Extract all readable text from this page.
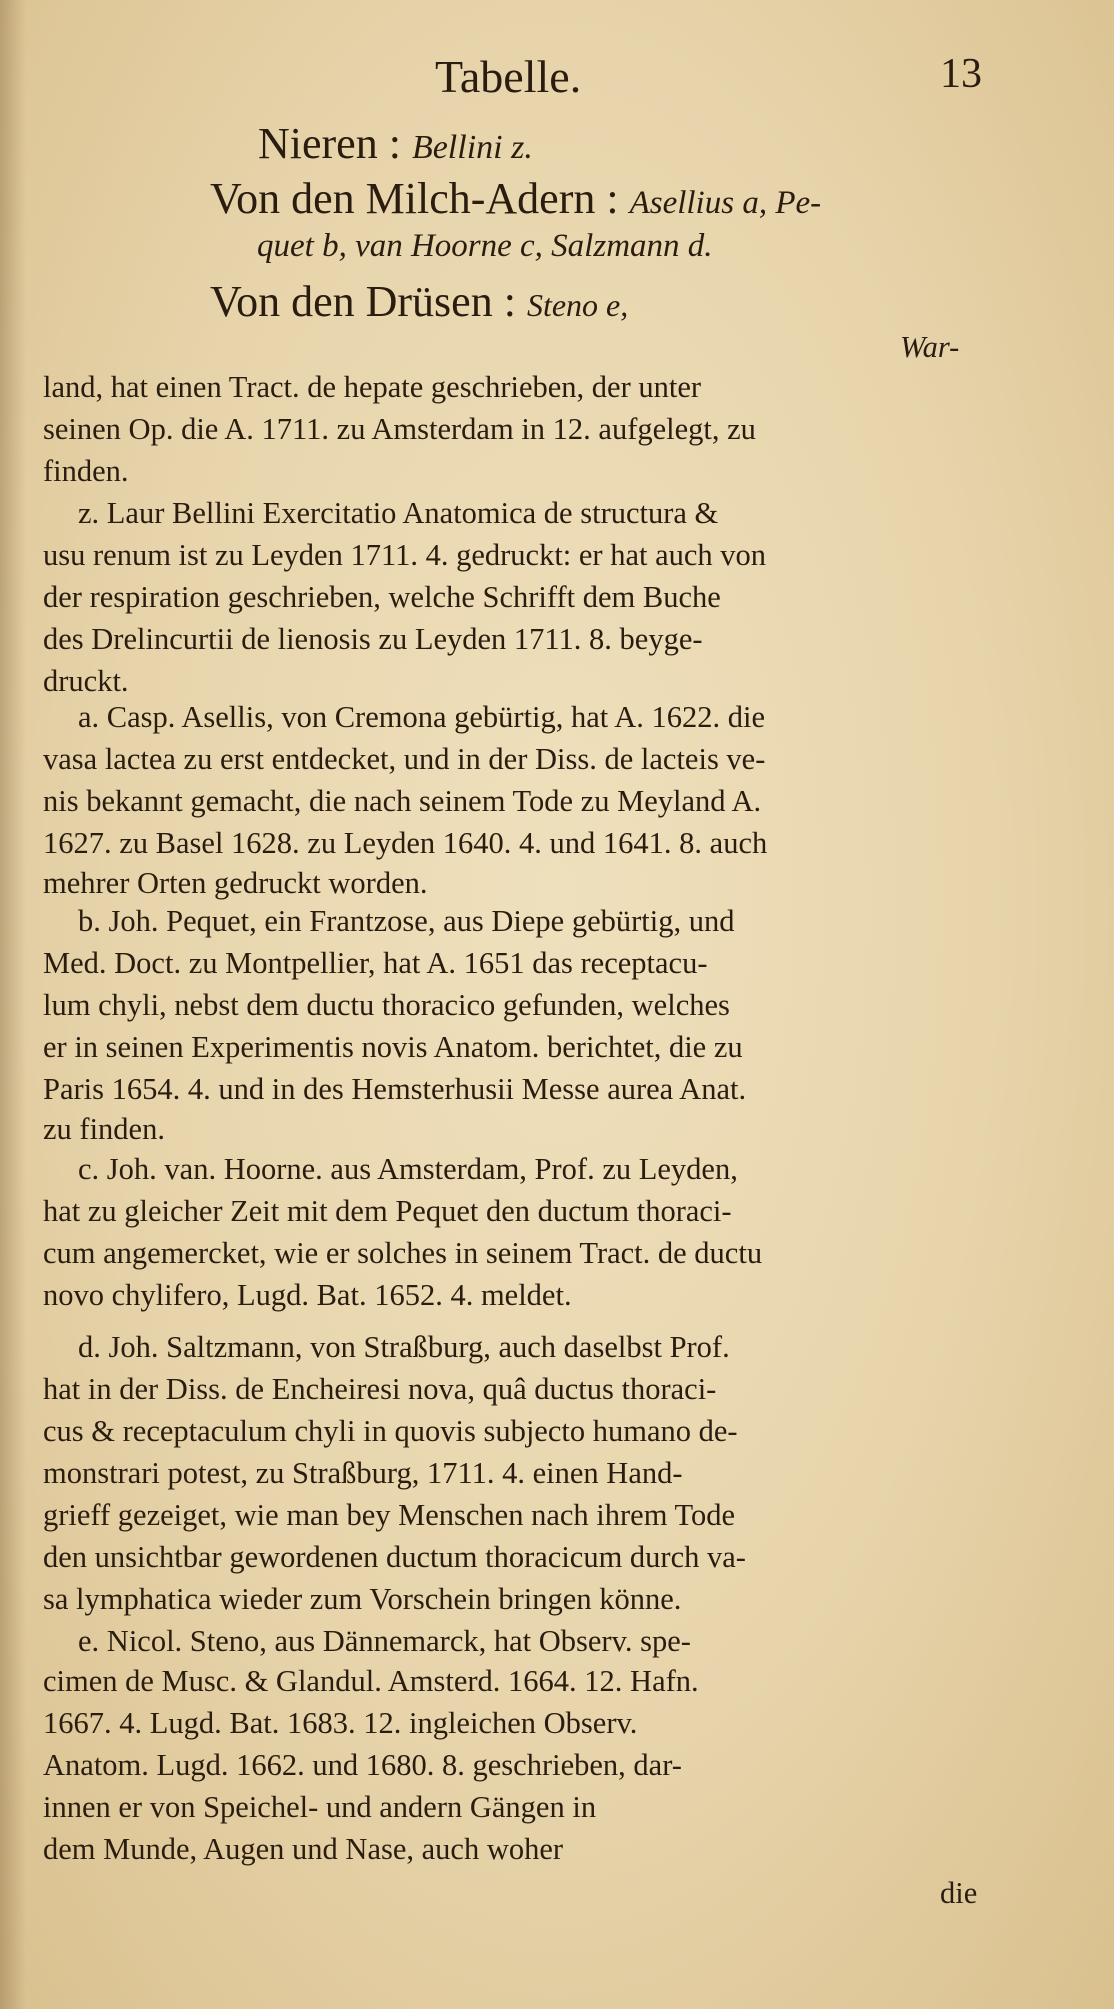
Tabelle.	13
Nieren : Bellini z.
Von den Milch-Adern : Asellius a, Pe-
quet b, van Hoorne c, Salzmann d.
Von den Drüsen : Steno e,
War-
land, hat einen Tract. de hepate geschrieben, der unter
seinen Op. die A. 1711. zu Amsterdam in 12. aufgelegt, zu
finden.
z. Laur Bellini Exercitatio Anatomica de structura &
usu renum ist zu Leyden 1711. 4. gedruckt: er hat auch von
der respiration geschrieben, welche Schrifft dem Buche
des Drelincurtii de lienosis zu Leyden 1711. 8. beyge-
druckt.
a. Casp. Asellis, von Cremona gebürtig, hat A. 1622. die
vasa lactea zu erst entdecket, und in der Diss. de lacteis ve-
nis bekannt gemacht, die nach seinem Tode zu Meyland A.
1627. zu Basel 1628. zu Leyden 1640. 4. und 1641. 8. auch
mehrer Orten gedruckt worden.
b. Joh. Pequet, ein Frantzose, aus Diepe gebürtig, und
Med. Doct. zu Montpellier, hat A. 1651 das receptacu-
lum chyli, nebst dem ductu thoracico gefunden, welches
er in seinen Experimentis novis Anatom. berichtet, die zu
Paris 1654. 4. und in des Hemsterhusii Messe aurea Anat.
zu finden.
c. Joh. van. Hoorne. aus Amsterdam, Prof. zu Leyden,
hat zu gleicher Zeit mit dem Pequet den ductum thoraci-
cum angemercket, wie er solches in seinem Tract. de ductu
novo chylifero, Lugd. Bat. 1652. 4. meldet.
d. Joh. Saltzmann, von Straßburg, auch daselbst Prof.
hat in der Diss. de Encheiresi nova, quâ ductus thoraci-
cus & receptaculum chyli in quovis subjecto humano de-
monstrari potest, zu Straßburg, 1711. 4. einen Hand-
grieff gezeiget, wie man bey Menschen nach ihrem Tode
den unsichtbar gewordenen ductum thoracicum durch va-
sa lymphatica wieder zum Vorschein bringen könne.
e. Nicol. Steno, aus Dännemarck, hat Observ. spe-
cimen de Musc. & Glandul. Amsterd. 1664. 12. Hafn.
1667. 4. Lugd. Bat. 1683. 12. ingleichen Observ.
Anatom. Lugd. 1662. und 1680. 8. geschrieben, dar-
innen er von Speichel- und andern Gängen in
dem Munde, Augen und Nase, auch woher
die
